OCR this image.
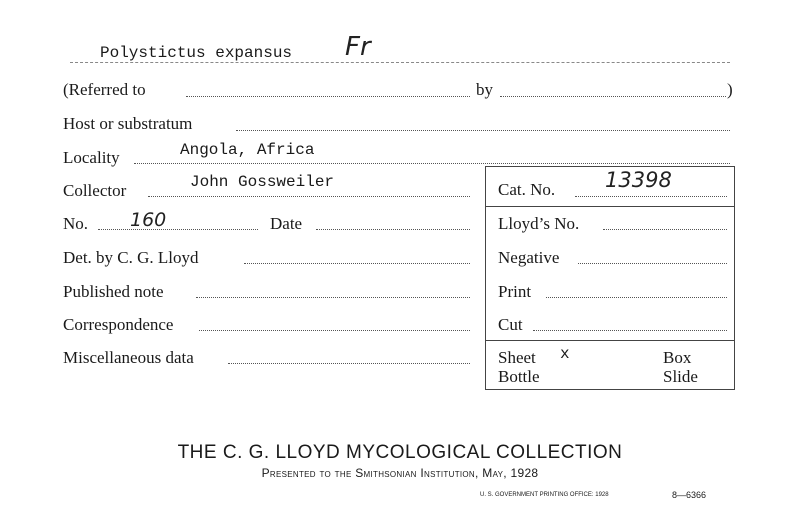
Polystictus expansus Fr
(Referred to	by	)
Host or substratum
Locality	Angola, Africa
Collector	John Gossweiler	Cat. No. 13398
No. 160	Date	Lloyd’s No.
Det. by C. G. Lloyd	Negative
Published note	Print
Correspondence	Cut
Miscellaneous data	Sheet x	Box
Bottle	Slide
THE C. G. LLOYD MYCOLOGICAL COLLECTION
Presented to the Smithsonian Institution, May, 1928
U. S. GOVERNMENT PRINTING OFFICE: 1928	8—6366
